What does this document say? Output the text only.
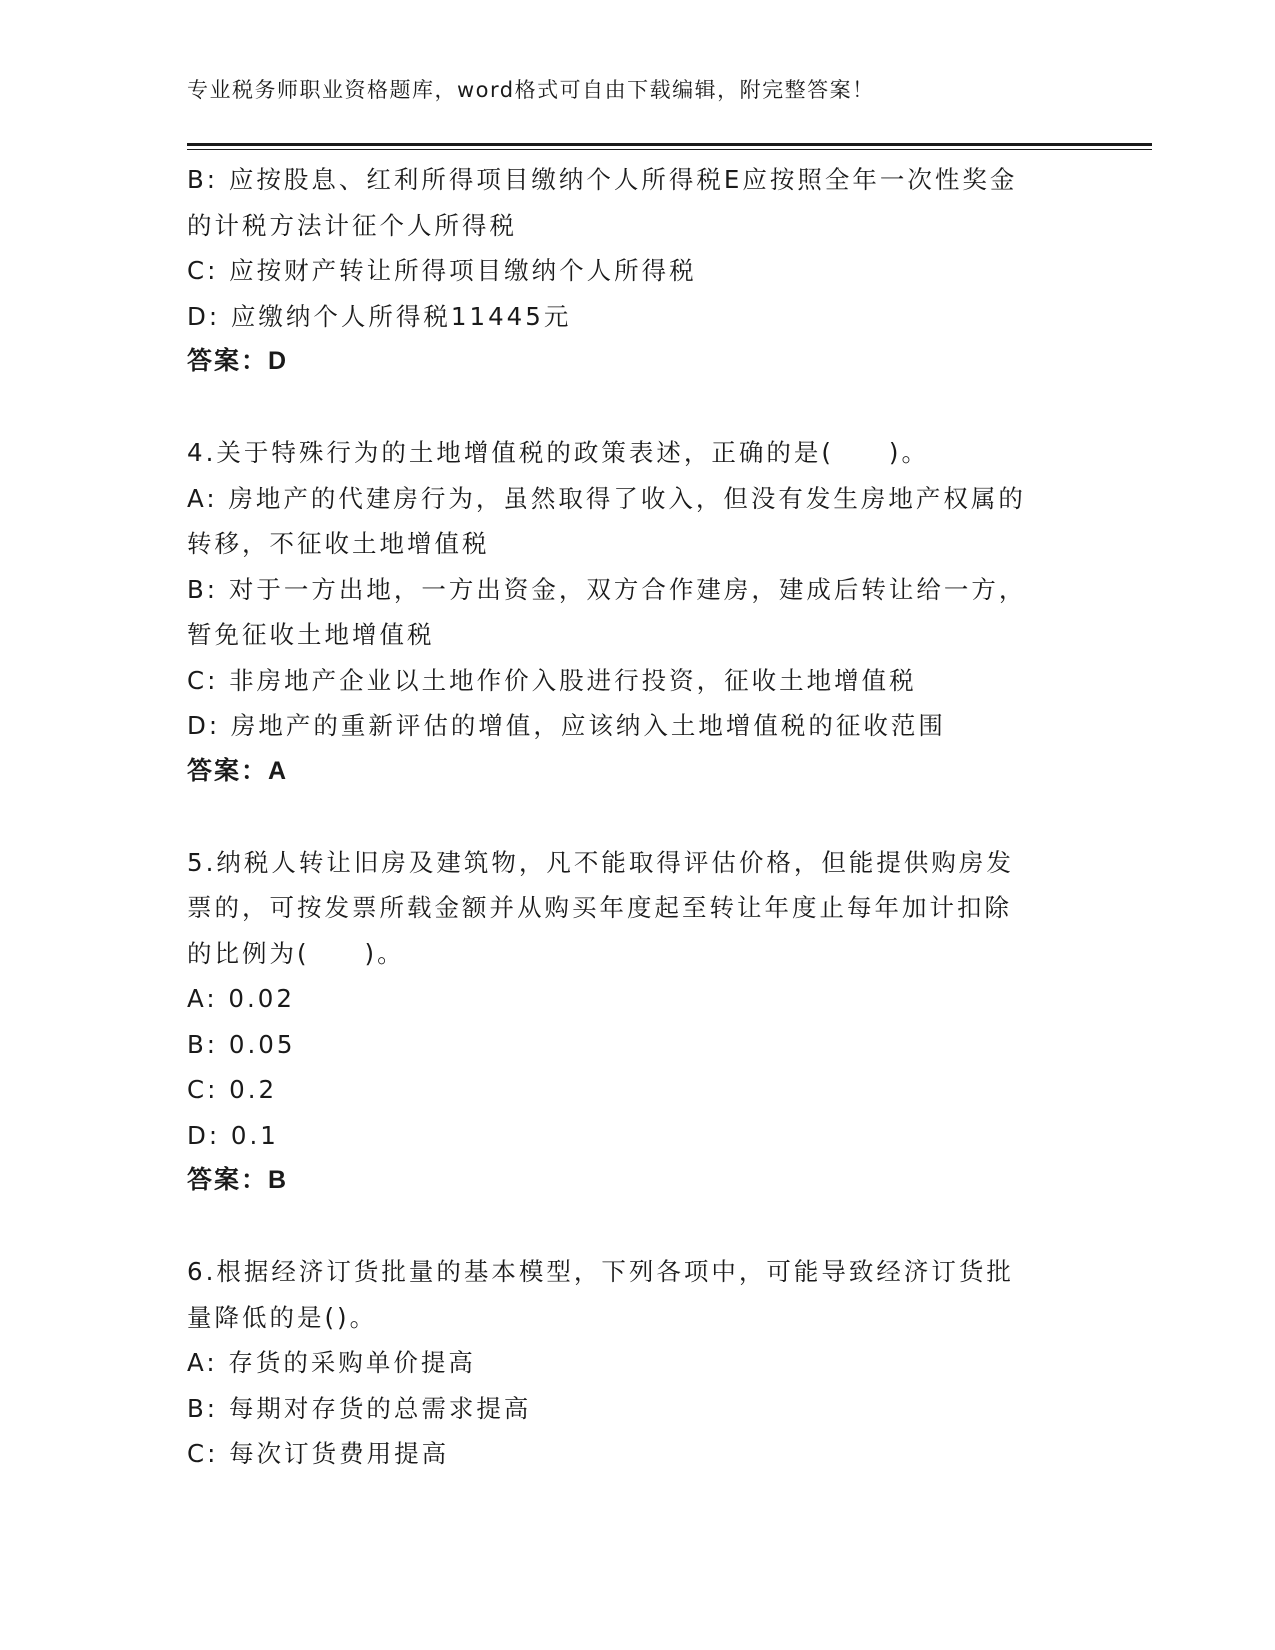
专业税务师职业资格题库，word格式可自由下载编辑，附完整答案！
B: 应按股息、红利所得项目缴纳个人所得税E应按照全年一次性奖金
的计税方法计征个人所得税
C: 应按财产转让所得项目缴纳个人所得税
D: 应缴纳个人所得税11445元
答案：D
4.关于特殊行为的土地增值税的政策表述，正确的是(　　)。
A: 房地产的代建房行为，虽然取得了收入，但没有发生房地产权属的
转移，不征收土地增值税
B: 对于一方出地，一方出资金，双方合作建房，建成后转让给一方，
暂免征收土地增值税
C: 非房地产企业以土地作价入股进行投资，征收土地增值税
D: 房地产的重新评估的增值，应该纳入土地增值税的征收范围
答案：A
5.纳税人转让旧房及建筑物，凡不能取得评估价格，但能提供购房发
票的，可按发票所载金额并从购买年度起至转让年度止每年加计扣除
的比例为(　　)。
A: 0.02
B: 0.05
C: 0.2
D: 0.1
答案：B
6.根据经济订货批量的基本模型，下列各项中，可能导致经济订货批
量降低的是()。
A: 存货的采购单价提高
B: 每期对存货的总需求提高
C: 每次订货费用提高
